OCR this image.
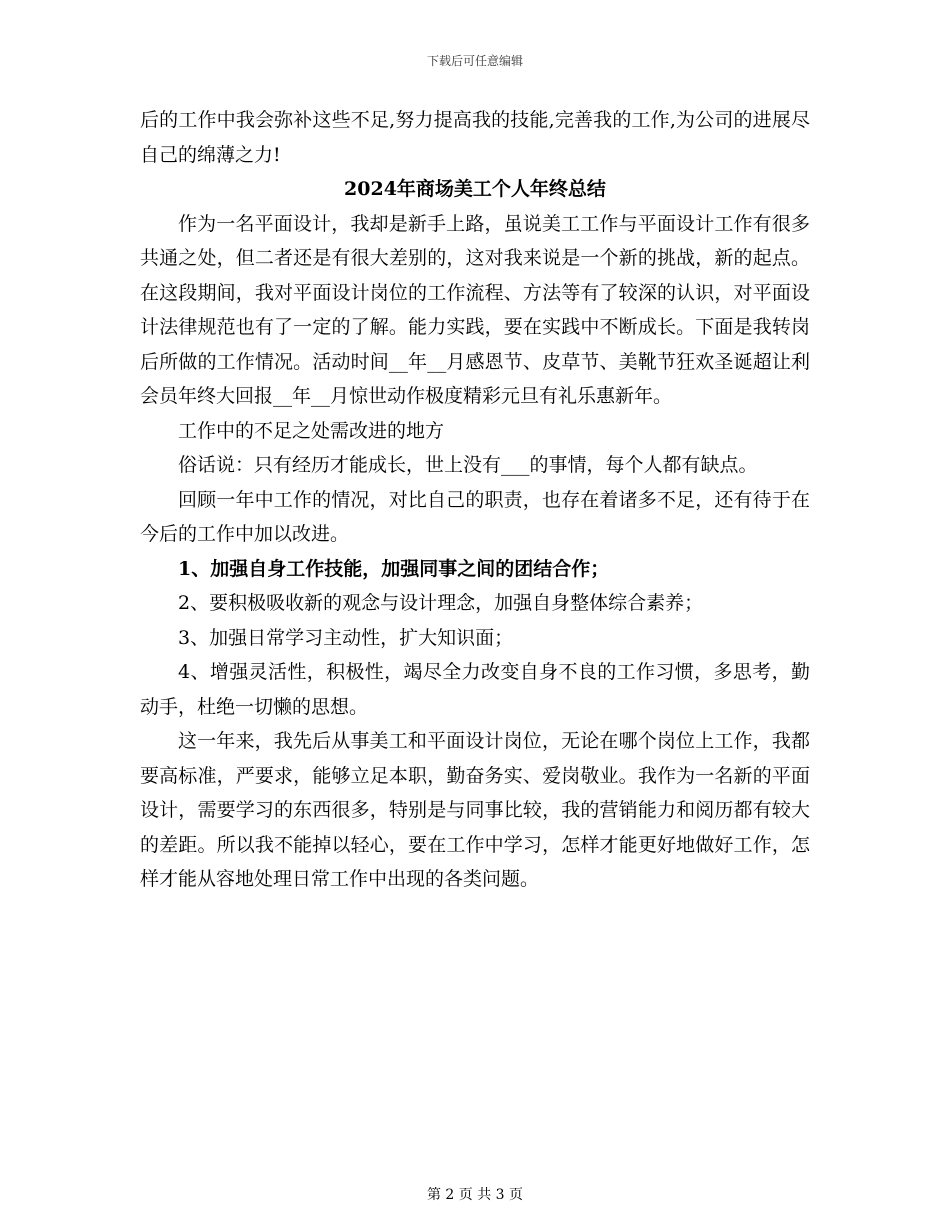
下载后可任意编辑

后的工作中我会弥补这些不足,努力提高我的技能,完善我的工作,为公司的进展尽自己的绵薄之力!

2024年商场美工个人年终总结

作为一名平面设计，我却是新手上路，虽说美工工作与平面设计工作有很多共通之处，但二者还是有很大差别的，这对我来说是一个新的挑战，新的起点。在这段期间，我对平面设计岗位的工作流程、方法等有了较深的认识，对平面设计法律规范也有了一定的了解。能力实践，要在实践中不断成长。下面是我转岗后所做的工作情况。活动时间__年__月感恩节、皮草节、美靴节狂欢圣诞超让利会员年终大回报__年__月惊世动作极度精彩元旦有礼乐惠新年。

工作中的不足之处需改进的地方

俗话说：只有经历才能成长，世上没有___的事情，每个人都有缺点。

回顾一年中工作的情况，对比自己的职责，也存在着诸多不足，还有待于在今后的工作中加以改进。

1、加强自身工作技能，加强同事之间的团结合作；

2、要积极吸收新的观念与设计理念，加强自身整体综合素养；

3、加强日常学习主动性，扩大知识面；

4、增强灵活性，积极性，竭尽全力改变自身不良的工作习惯，多思考，勤动手，杜绝一切懒的思想。

这一年来，我先后从事美工和平面设计岗位，无论在哪个岗位上工作，我都要高标准，严要求，能够立足本职，勤奋务实、爱岗敬业。我作为一名新的平面设计，需要学习的东西很多，特别是与同事比较，我的营销能力和阅历都有较大的差距。所以我不能掉以轻心，要在工作中学习，怎样才能更好地做好工作，怎样才能从容地处理日常工作中出现的各类问题。

第 2 页 共 3 页
